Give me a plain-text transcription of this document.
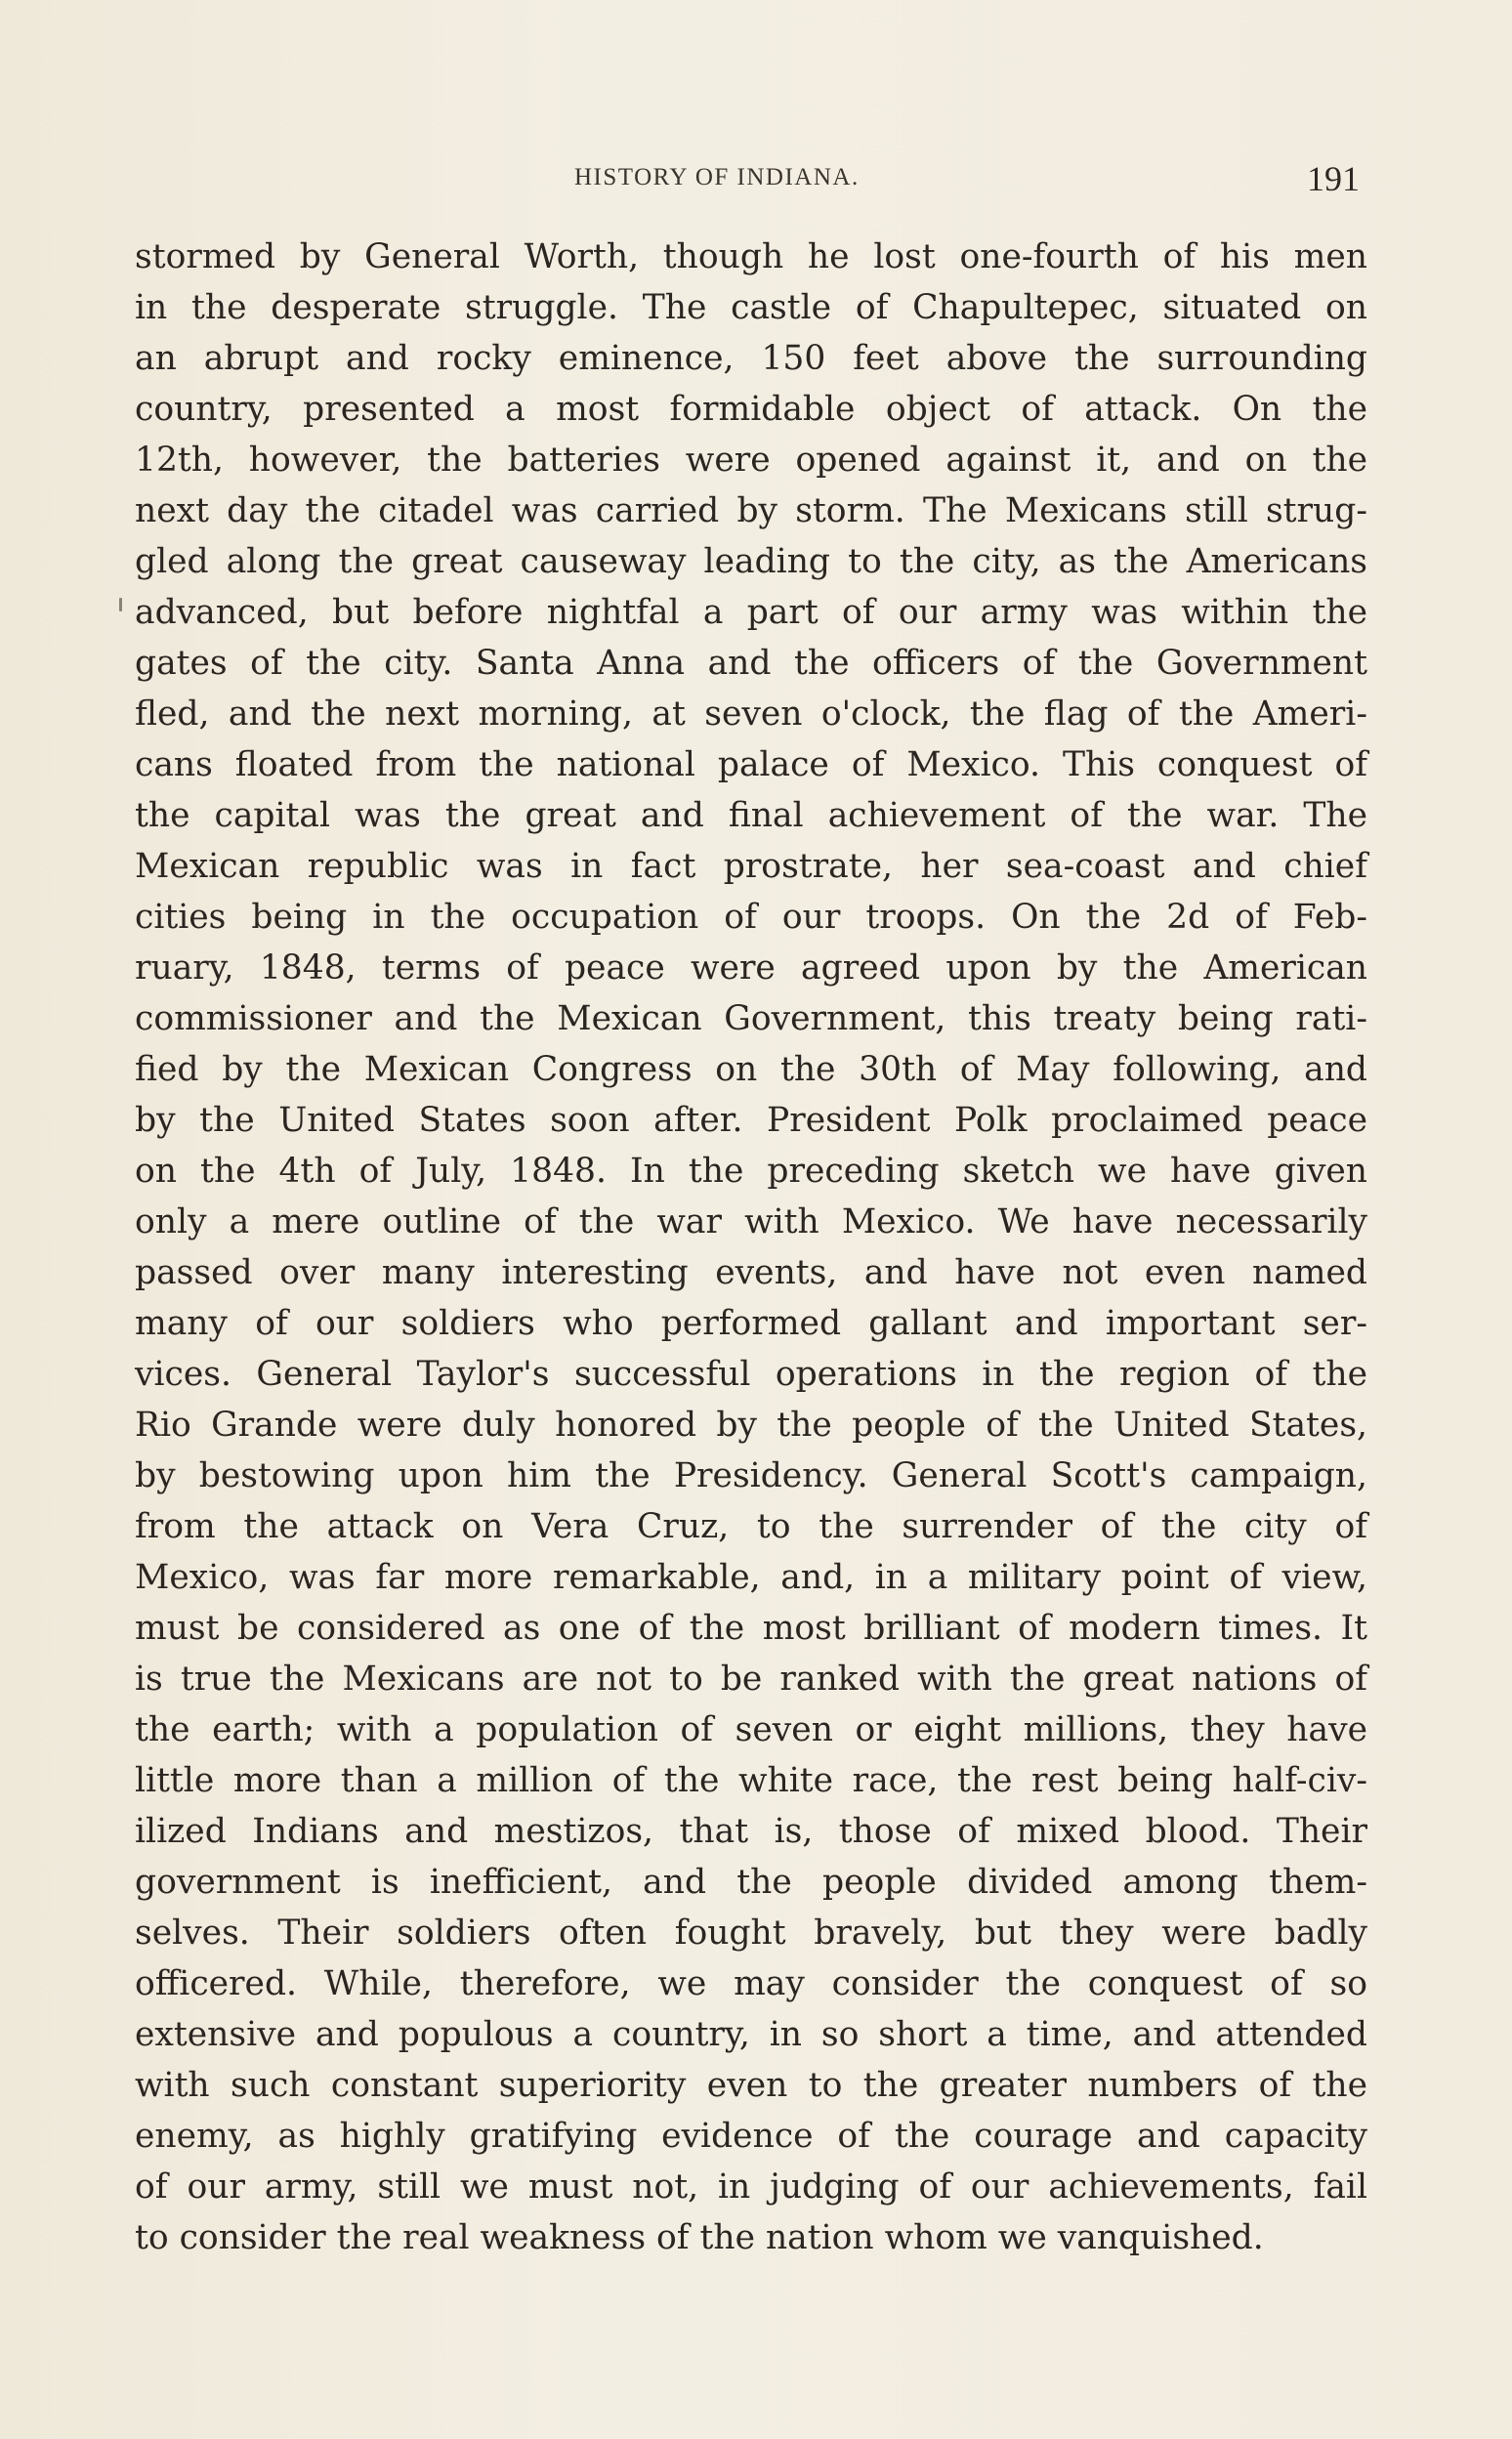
HISTORY OF INDIANA.	191
stormed by General Worth, though he lost one-fourth of his men
in the desperate struggle. The castle of Chapultepec, situated on
an abrupt and rocky eminence, 150 feet above the surrounding
country, presented a most formidable object of attack. On the
12th, however, the batteries were opened against it, and on the
next day the citadel was carried by storm. The Mexicans still strug-
gled along the great causeway leading to the city, as the Americans
advanced, but before nightfal a part of our army was within the
gates of the city. Santa Anna and the officers of the Government
fled, and the next morning, at seven o'clock, the flag of the Ameri-
cans floated from the national palace of Mexico. This conquest of
the capital was the great and final achievement of the war. The
Mexican republic was in fact prostrate, her sea-coast and chief
cities being in the occupation of our troops. On the 2d of Feb-
ruary, 1848, terms of peace were agreed upon by the American
commissioner and the Mexican Government, this treaty being rati-
fied by the Mexican Congress on the 30th of May following, and
by the United States soon after. President Polk proclaimed peace
on the 4th of July, 1848. In the preceding sketch we have given
only a mere outline of the war with Mexico. We have necessarily
passed over many interesting events, and have not even named
many of our soldiers who performed gallant and important ser-
vices. General Taylor's successful operations in the region of the
Rio Grande were duly honored by the people of the United States,
by bestowing upon him the Presidency. General Scott's campaign,
from the attack on Vera Cruz, to the surrender of the city of
Mexico, was far more remarkable, and, in a military point of view,
must be considered as one of the most brilliant of modern times. It
is true the Mexicans are not to be ranked with the great nations of
the earth; with a population of seven or eight millions, they have
little more than a million of the white race, the rest being half-civ-
ilized Indians and mestizos, that is, those of mixed blood. Their
government is inefficient, and the people divided among them-
selves. Their soldiers often fought bravely, but they were badly
officered. While, therefore, we may consider the conquest of so
extensive and populous a country, in so short a time, and attended
with such constant superiority even to the greater numbers of the
enemy, as highly gratifying evidence of the courage and capacity
of our army, still we must not, in judging of our achievements, fail
to consider the real weakness of the nation whom we vanquished.
